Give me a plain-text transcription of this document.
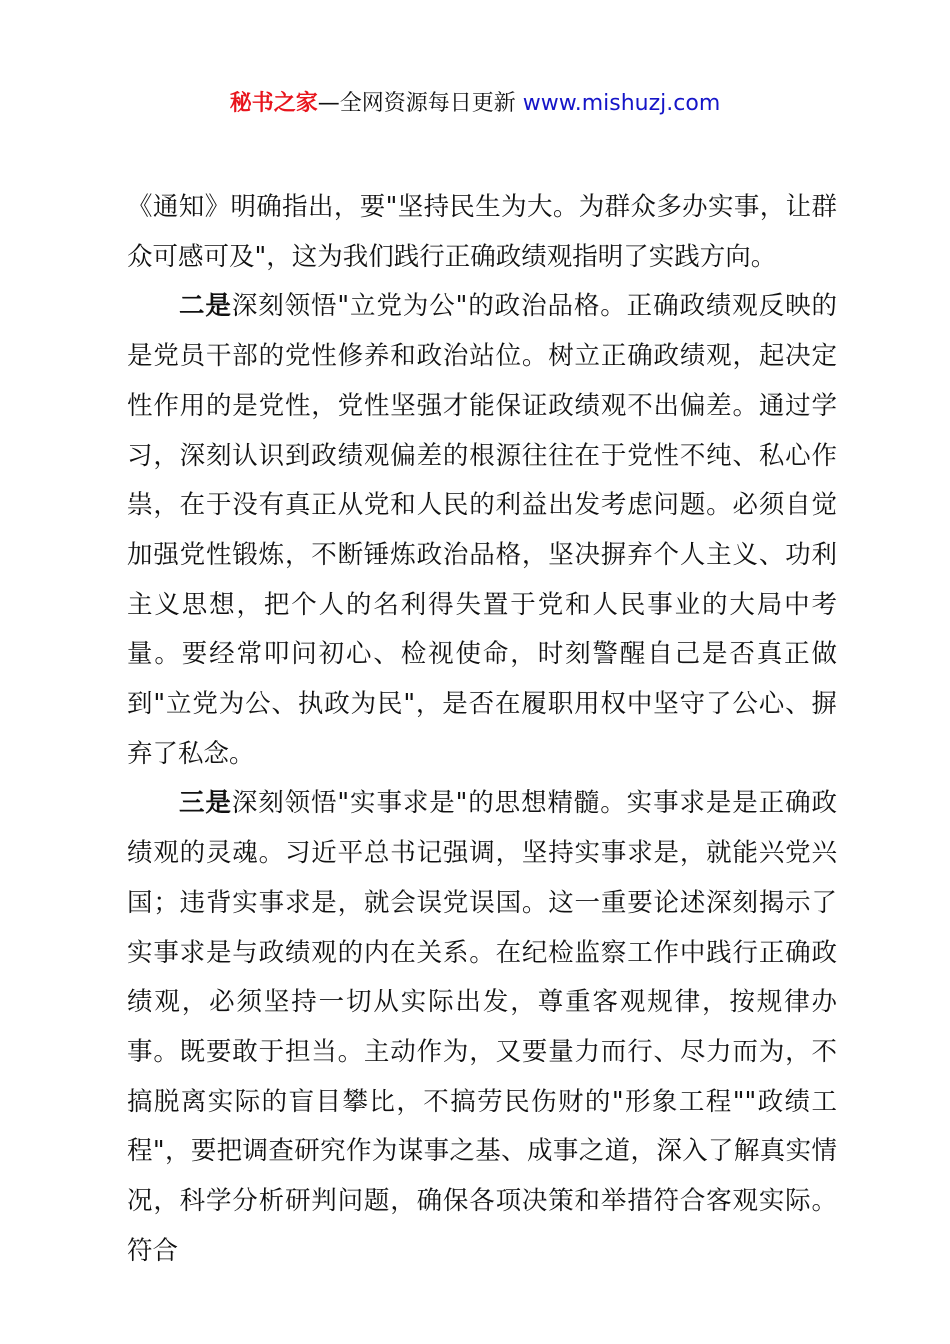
秘书之家—全网资源每日更新 www.mishuzj.com

《通知》明确指出，要"坚持民生为大。为群众多办实事，让群众可感可及"，这为我们践行正确政绩观指明了实践方向。

二是深刻领悟"立党为公"的政治品格。正确政绩观反映的是党员干部的党性修养和政治站位。树立正确政绩观，起决定性作用的是党性，党性坚强才能保证政绩观不出偏差。通过学习，深刻认识到政绩观偏差的根源往往在于党性不纯、私心作祟，在于没有真正从党和人民的利益出发考虑问题。必须自觉加强党性锻炼，不断锤炼政治品格，坚决摒弃个人主义、功利主义思想，把个人的名利得失置于党和人民事业的大局中考量。要经常叩问初心、检视使命，时刻警醒自己是否真正做到"立党为公、执政为民"，是否在履职用权中坚守了公心、摒弃了私念。

三是深刻领悟"实事求是"的思想精髓。实事求是是正确政绩观的灵魂。习近平总书记强调，坚持实事求是，就能兴党兴国；违背实事求是，就会误党误国。这一重要论述深刻揭示了实事求是与政绩观的内在关系。在纪检监察工作中践行正确政绩观，必须坚持一切从实际出发，尊重客观规律，按规律办事。既要敢于担当。主动作为，又要量力而行、尽力而为，不搞脱离实际的盲目攀比，不搞劳民伤财的"形象工程""政绩工程"，要把调查研究作为谋事之基、成事之道，深入了解真实情况，科学分析研判问题，确保各项决策和举措符合客观实际。符合
